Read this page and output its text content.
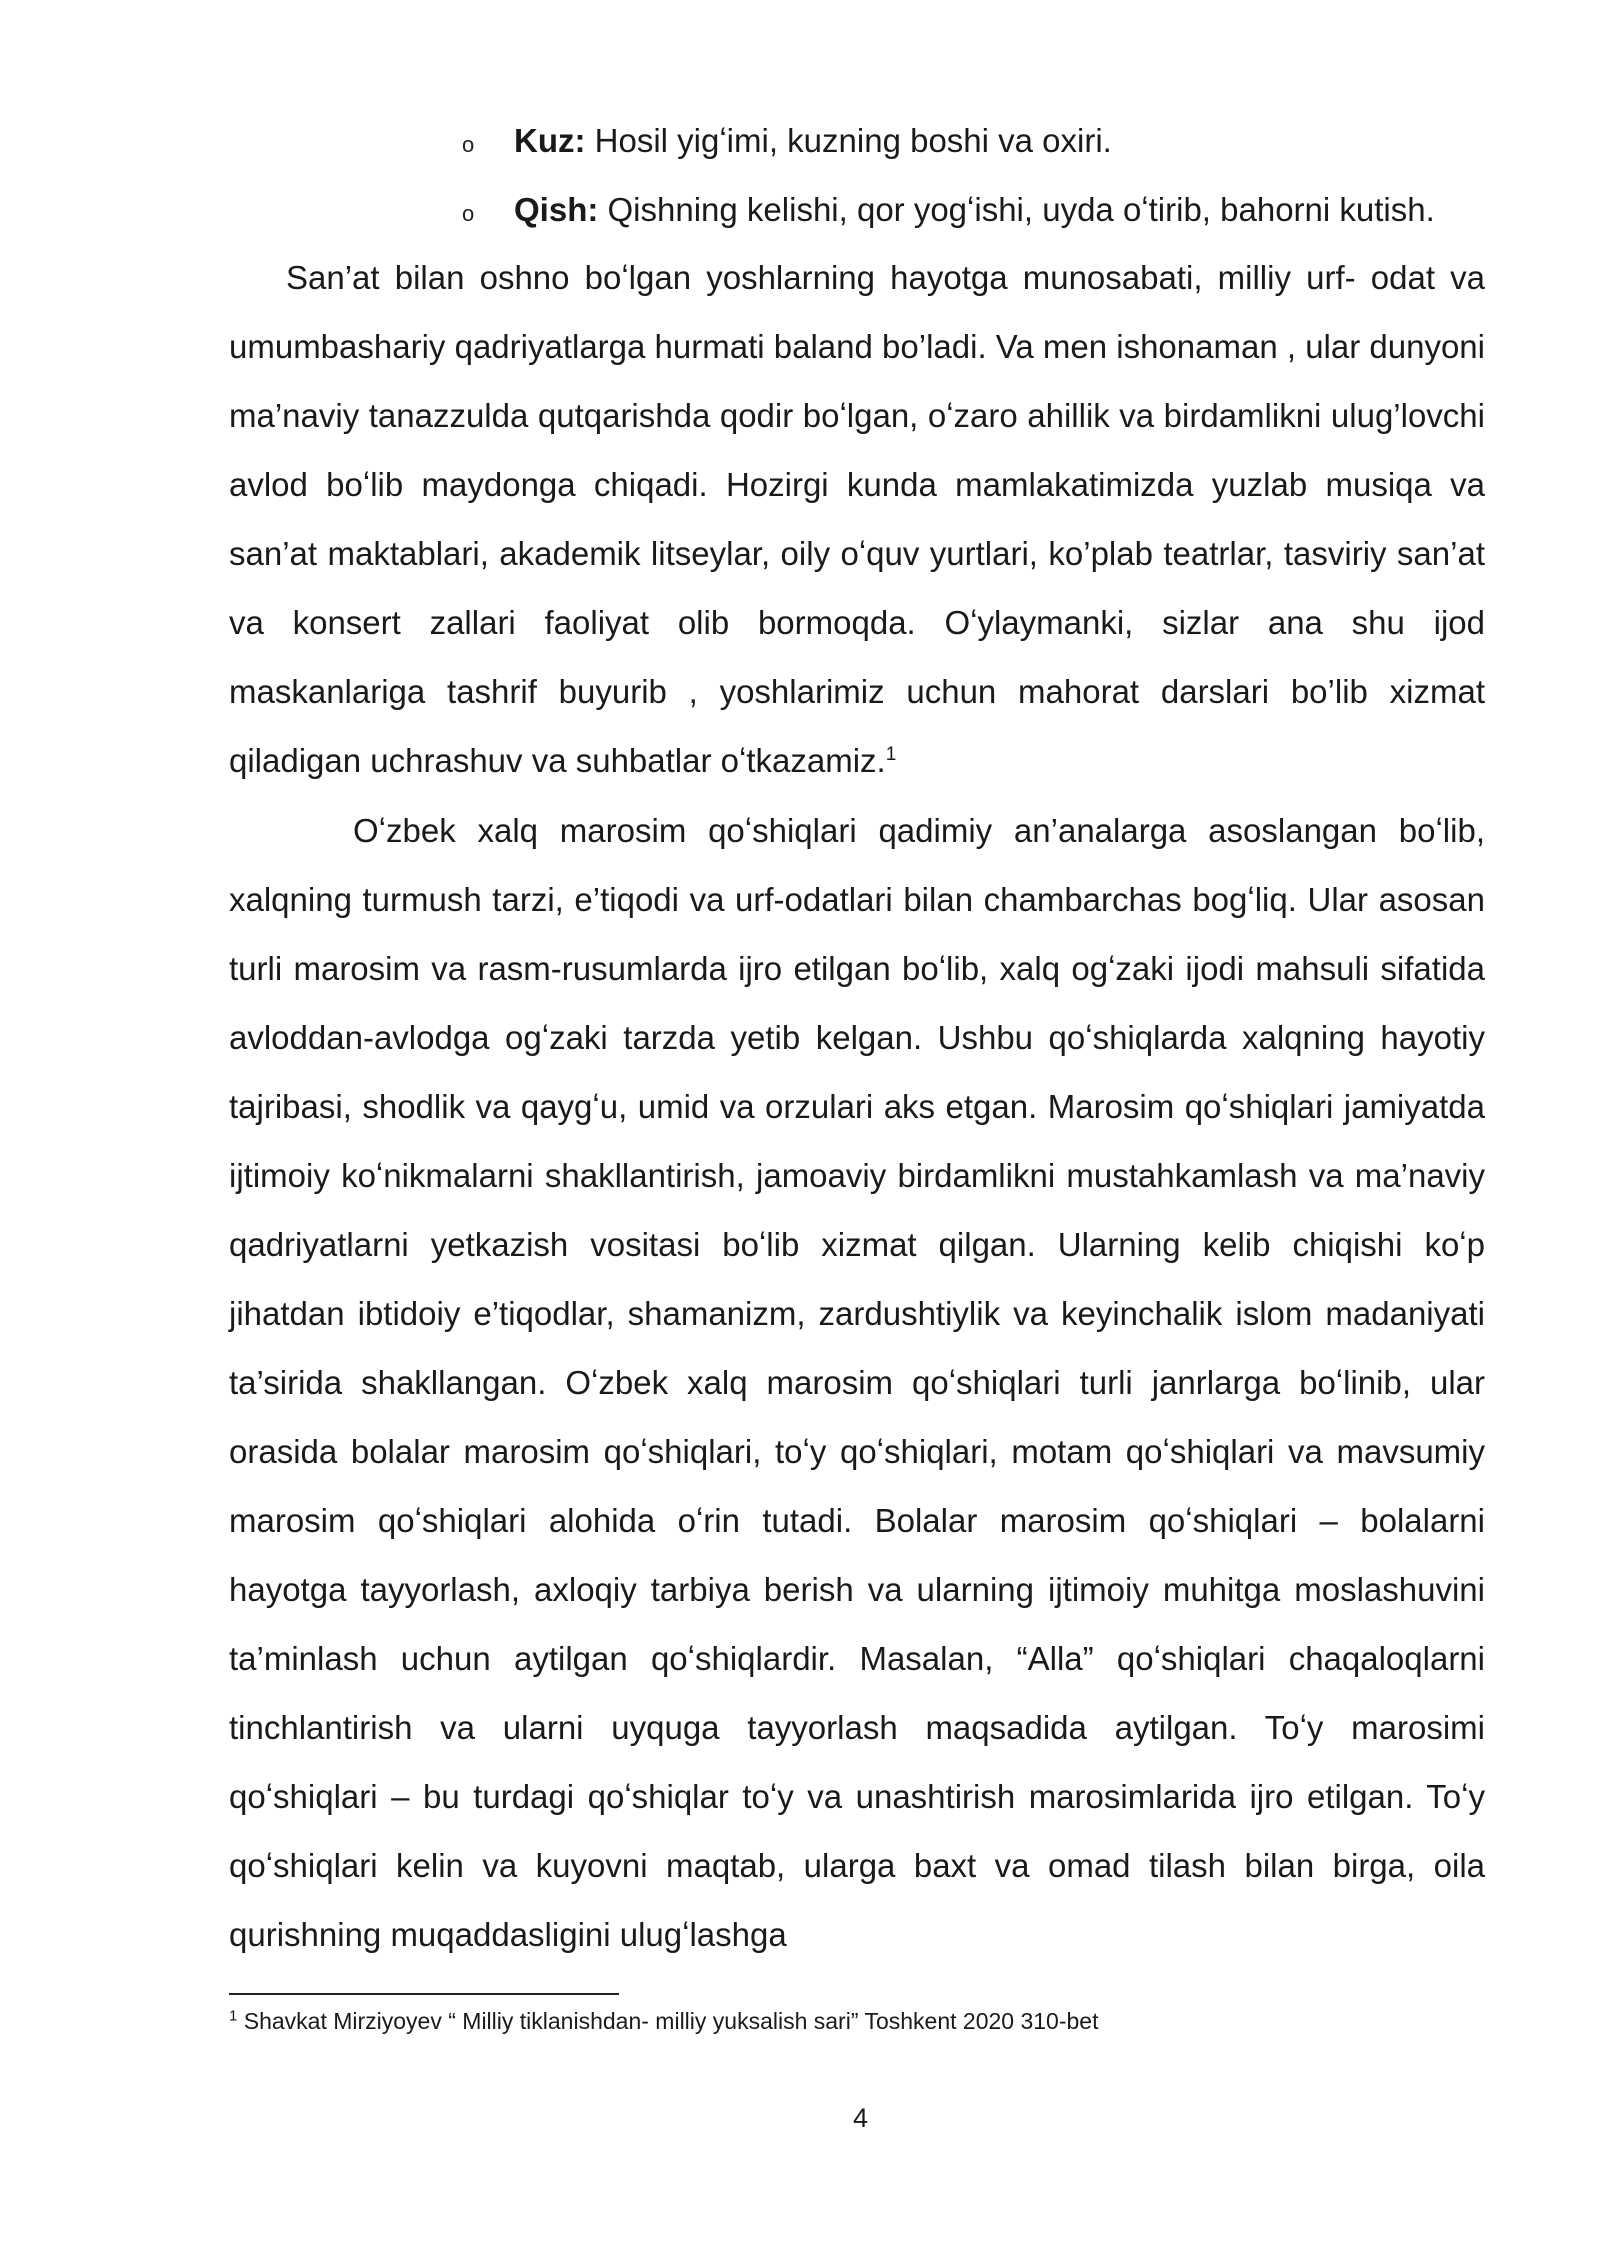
o Kuz: Hosil yigʻimi, kuzning boshi va oxiri.
o Qish: Qishning kelishi, qor yogʻishi, uyda oʻtirib, bahorni kutish.

San’at bilan oshno boʻlgan yoshlarning hayotga munosabati, milliy urf- odat va umumbashariy qadriyatlarga hurmati baland bo’ladi. Va men ishonaman , ular dunyoni ma’naviy tanazzulda qutqarishda qodir boʻlgan, oʻzaro ahillik va birdamlikni ulug’lovchi avlod boʻlib maydonga chiqadi. Hozirgi kunda mamlakatimizda yuzlab musiqa va san’at maktablari, akademik litseylar, oily oʻquv yurtlari, ko’plab teatrlar, tasviriy san’at va konsert zallari faoliyat olib bormoqda. Oʻylaymanki, sizlar ana shu ijod maskanlariga tashrif buyurib , yoshlarimiz uchun mahorat darslari bo’lib xizmat qiladigan uchrashuv va suhbatlar oʻtkazamiz.$^1$

Oʻzbek xalq marosim qoʻshiqlari qadimiy an’analarga asoslangan boʻlib, xalqning turmush tarzi, e’tiqodi va urf-odatlari bilan chambarchas bogʻliq. Ular asosan turli marosim va rasm-rusumlarda ijro etilgan boʻlib, xalq ogʻzaki ijodi mahsuli sifatida avloddan-avlodga ogʻzaki tarzda yetib kelgan. Ushbu qoʻshiqlarda xalqning hayotiy tajribasi, shodlik va qaygʻu, umid va orzulari aks etgan. Marosim qoʻshiqlari jamiyatda ijtimoiy koʻnikmalarni shakllantirish, jamoaviy birdamlikni mustahkamlash va ma’naviy qadriyatlarni yetkazish vositasi boʻlib xizmat qilgan. Ularning kelib chiqishi koʻp jihatdan ibtidoiy e’tiqodlar, shamanizm, zardushtiylik va keyinchalik islom madaniyati ta’sirida shakllangan. Oʻzbek xalq marosim qoʻshiqlari turli janrlarga boʻlinib, ular orasida bolalar marosim qoʻshiqlari, toʻy qoʻshiqlari, motam qoʻshiqlari va mavsumiy marosim qoʻshiqlari alohida oʻrin tutadi. Bolalar marosim qoʻshiqlari – bolalarni hayotga tayyorlash, axloqiy tarbiya berish va ularning ijtimoiy muhitga moslashuvini ta’minlash uchun aytilgan qoʻshiqlardir. Masalan, “Alla” qoʻshiqlari chaqaloqlarni tinchlantirish va ularni uyquga tayyorlash maqsadida aytilgan. Toʻy marosimi qoʻshiqlari – bu turdagi qoʻshiqlar toʻy va unashtirish marosimlarida ijro etilgan. Toʻy qoʻshiqlari kelin va kuyovni maqtab, ularga baxt va omad tilash bilan birga, oila qurishning muqaddasligini ulugʻlashga

$^1$ Shavkat Mirziyoyev “ Milliy tiklanishdan- milliy yuksalish sari” Toshkent 2020 310-bet
4
